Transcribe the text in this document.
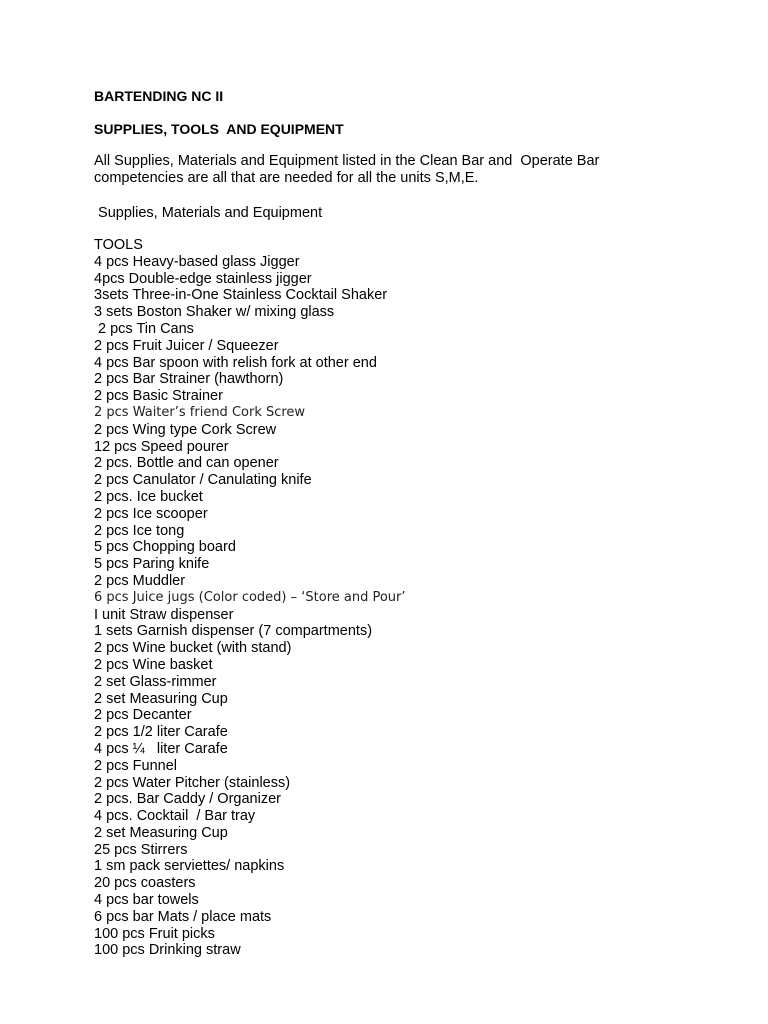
BARTENDING NC II
SUPPLIES, TOOLS  AND EQUIPMENT
All Supplies, Materials and Equipment listed in the Clean Bar and  Operate Bar
competencies are all that are needed for all the units S,M,E.
Supplies, Materials and Equipment
TOOLS
4 pcs Heavy-based glass Jigger
4pcs Double-edge stainless jigger
3sets Three-in-One Stainless Cocktail Shaker
3 sets Boston Shaker w/ mixing glass
2 pcs Tin Cans
2 pcs Fruit Juicer / Squeezer
4 pcs Bar spoon with relish fork at other end
2 pcs Bar Strainer (hawthorn)
2 pcs Basic Strainer
2 pcs Waiter’s friend Cork Screw
2 pcs Wing type Cork Screw
12 pcs Speed pourer
2 pcs. Bottle and can opener
2 pcs Canulator / Canulating knife
2 pcs. Ice bucket
2 pcs Ice scooper
2 pcs Ice tong
5 pcs Chopping board
5 pcs Paring knife
2 pcs Muddler
6 pcs Juice jugs (Color coded) – ‘Store and Pour’
I unit Straw dispenser
1 sets Garnish dispenser (7 compartments)
2 pcs Wine bucket (with stand)
2 pcs Wine basket
2 set Glass-rimmer
2 set Measuring Cup
2 pcs Decanter
2 pcs 1/2 liter Carafe
4 pcs ¼   liter Carafe
2 pcs Funnel
2 pcs Water Pitcher (stainless)
2 pcs. Bar Caddy / Organizer
4 pcs. Cocktail  / Bar tray
2 set Measuring Cup
25 pcs Stirrers
1 sm pack serviettes/ napkins
20 pcs coasters
4 pcs bar towels
6 pcs bar Mats / place mats
100 pcs Fruit picks
100 pcs Drinking straw
